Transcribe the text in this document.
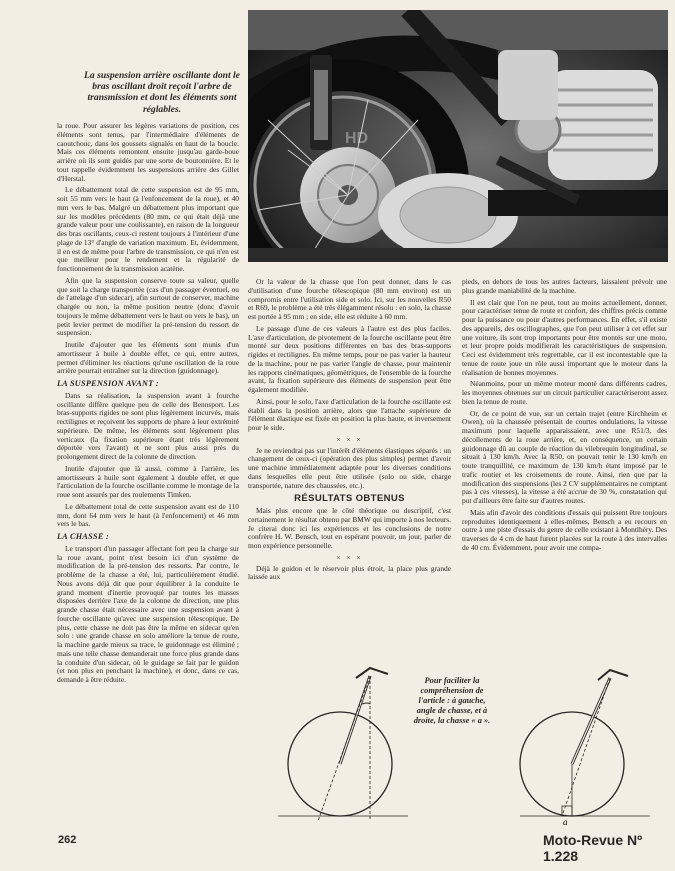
HD
La suspension arrière oscillante dont le bras oscillant droit reçoit l'arbre de transmission et dont les éléments sont réglables.

la roue. Pour assurer les légères variations de position, ces éléments sont tenus, par l'intermédiaire d'éléments de caoutchouc, dans les goussets signalés en haut de la boucle. Mais ces éléments remontent ensuite jusqu'au garde-boue arrière où ils sont guidés par une sorte de boutonnière. Et le tout rappelle évidemment les suspensions arrière des Gillet d'Herstal.

Le débattement total de cette suspension est de 95 mm, soit 55 mm vers le haut (à l'enfoncement de la roue), et 40 mm vers le bas. Malgré un débattement plus important que sur les modèles précédents (80 mm, ce qui était déjà une grande valeur pour une coulissante), en raison de la longueur des bras oscillants, ceux-ci restent toujours à l'intérieur d'une plage de 13° d'angle de variation maximum. Et, évidemment, il en est de même pour l'arbre de transmission, ce qui n'en est que meilleur pour le rendement et la régularité de fonctionnement de la transmission acatène.

Afin que la suspension conserve toute sa valeur, quelle que soit la charge transportée (cas d'un passager éventuel, ou de l'attelage d'un sidecar), afin surtout de conserver, machine chargée ou non, la même position neutre (donc d'avoir toujours le même débattement vers le haut ou vers le bas), un petit levier permet de modifier la pré-tension du ressort de suspension.

Inutile d'ajouter que les éléments sont munis d'un amortisseur à huile à double effet, ce qui, entre autres, permet d'éliminer les réactions qu'une oscillation de la roue arrière pourrait entraîner sur la direction (guidonnage).

LA SUSPENSION AVANT :

Dans sa réalisation, la suspension avant à fourche oscillante diffère quelque peu de celle des Bennsport. Les bras-supports rigides ne sont plus légèrement incurvés, mais rectilignes et reçoivent les supports de phare à leur extrémité supérieure. De même, les éléments sont légèrement plus verticaux (la fixation supérieure étant très légèrement déportée vers l'avant) et ne sont plus aussi près du prolongement direct de la colonne de direction.

Inutile d'ajouter que là aussi, comme à l'arrière, les amortisseurs à huile sont également à double effet, et que l'articulation de la fourche oscillante comme le montage de la roue sont assurés par des roulements Timken.

Le débattement total de cette suspension avant est de 110 mm, dont 64 mm vers le haut (à l'enfoncement) et 46 mm vers le bas.

LA CHASSE :

Le transport d'un passager affectant fort peu la charge sur la roue avant, point n'est besoin ici d'un système de modification de la pré-tension des ressorts. Par contre, le problème de la chasse a été, lui, particulièrement étudié. Nous avons déjà dit que pour équilibrer à la conduite le grand moment d'inertie provoqué par toutes les masses disposées derrière l'axe de la colonne de direction, une plus grande chasse était nécessaire avec une suspension avant à fourche oscillante qu'avec une suspension télescopique. De plus, cette chasse ne doit pas être la même en sidecar qu'en solo : une grande chasse en solo améliore la tenue de route, la machine garde mieux sa trace, le guidonnage est éliminé ; mais une telle chasse demanderait une force plus grande dans la conduite d'un sidecar, où le guidage se fait par le guidon (et non plus en penchant la machine), et donc, dans ce cas, demande à être réduite.

Or la valeur de la chasse que l'on peut donner, dans le cas d'utilisation d'une fourche télescopique (80 mm environ) est un compromis entre l'utilisation side et solo. Ici, sur les nouvelles R50 et R69, le problème a été très élégamment résolu : en solo, la chasse est portée à 95 mm ; en side, elle est réduite à 60 mm.

Le passage d'une de ces valeurs à l'autre est des plus faciles. L'axe d'articulation, de pivotement de la fourche oscillante peut être monté sur deux positions différentes en bas des bras-supports rigides et rectilignes. En même temps, pour ne pas varier la hauteur de la machine, pour ne pas varier l'angle de chasse, pour maintenir les rapports cinématiques, géométriques, de l'ensemble de la fourche avant, la fixation supérieure des éléments de suspension peut être également modifiée.

Ainsi, pour le solo, l'axe d'articulation de la fourche oscillante est établi dans la position arrière, alors que l'attache supérieure de l'élément élastique est fixée en position la plus haute, et inversement pour le side.

× × ×

Je ne reviendrai pas sur l'intérêt d'éléments élastiques séparés : un changement de ceux-ci (opération des plus simples) permet d'avoir une machine immédiatement adaptée pour les diverses conditions dans lesquelles elle peut être utilisée (solo ou side, charge transportée, nature des chaussées, etc.).

RÉSULTATS OBTENUS

Mais plus encore que le côté théorique ou descriptif, c'est certainement le résultat obtenu par BMW qui importe à nos lecteurs. Je citerai donc ici les expériences et les conclusions de notre confrère H. W. Bensch, tout en espérant pouvoir, un jour, parler de mon expérience personnelle.

× × ×

Déjà le guidon et le réservoir plus étroit, la place plus grande laissée aux

pieds, en dehors de tous les autres facteurs, laissaient prévoir une plus grande maniabilité de la machine.

Il est clair que l'on ne peut, tout au moins actuellement, donner, pour caractériser tenue de route et confort, des chiffres précis comme pour la puissance ou pour d'autres performances. En effet, s'il existe des appareils, des oscillographes, que l'on peut utiliser à cet effet sur une voiture, ils sont trop importants pour être montés sur une moto, et leur propre poids modifierait les caractéristiques de suspension. Ceci est évidemment très regrettable, car il est incontestable que la tenue de route joue un rôle aussi important que le moteur dans la réalisation de bonnes moyennes.

Néanmoins, pour un même moteur monté dans différents cadres, les moyennes obtenues sur un circuit particulier caractériseront assez bien la tenue de route.

Or, de ce point de vue, sur un certain trajet (entre Kirchheim et Owen), où la chaussée présentait de courtes ondulations, la vitesse maximum pour laquelle apparaissaient, avec une R51/3, des décollements de la roue arrière, et, en conséquence, un certain guidonnage dû au couple de réaction du vilebrequin longitudinal, se situait à 130 km/h. Avec la R50, on pouvait tenir le 130 km/h en toute tranquillité, ce maximum de 130 km/h étant imposé par le trafic routier et les croisements de route. Ainsi, rien que par la modification des suspensions (les 2 CV supplémentaires ne comptant pas à ces vitesses), la vitesse a été accrue de 30 %, constatation qui put d'ailleurs être faite sur d'autres routes.

Mais afin d'avoir des conditions d'essais qui puissent être toujours reproduites identiquement à elles-mêmes, Bensch a eu recours en outre à une piste d'essais du genre de celle existant à Montlhéry. Des traverses de 4 cm de haut furent placées sur la route à des intervalles de 40 cm. Évidemment, pour avoir une compa-

Pour faciliter la compréhension de l'article : à gauche, angle de chasse, et à droite, la chasse « a ».
a
262	Moto-Revue Nº 1.228
